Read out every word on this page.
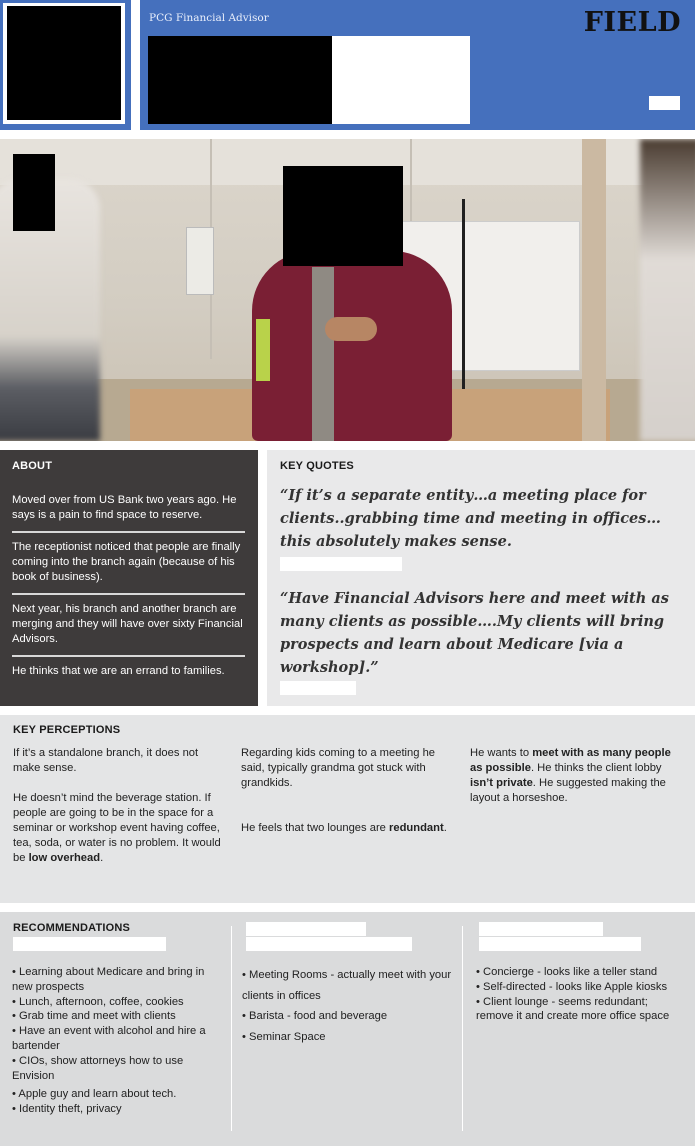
PCG Financial Advisor	FIELD
ABOUT
Moved over from US Bank two years ago. He says is a pain to find space to reserve.
The receptionist noticed that people are finally coming into the branch again (because of his book of business).
Next year, his branch and another branch are merging and they will have over sixty Financial Advisors.
He thinks that we are an errand to families.
KEY QUOTES
“If it’s a separate entity…a meeting place for clients..grabbing time and meeting in offices… this absolutely makes sense.
“Have Financial Advisors here and meet with as many clients as possible….My clients will bring prospects and learn about Medicare [via a workshop].”
KEY PERCEPTIONS

If it’s a standalone branch, it does not make sense.

He doesn’t mind the beverage station. If people are going to be in the space for a seminar or workshop event having coffee, tea, soda, or water is no problem. It would be low overhead.

Regarding kids coming to a meeting he said, typically grandma got stuck with grandkids.

He feels that two lounges are redundant.

He wants to meet with as many people as possible. He thinks the client lobby isn’t private. He suggested making the layout a horseshoe.

RECOMMENDATIONS
• Learning about Medicare and bring in new prospects
• Lunch, afternoon, coffee, cookies
• Grab time and meet with clients
• Have an event with alcohol and hire a bartender
• CIOs, show attorneys how to use Envision
• Apple guy and learn about tech.
• Identity theft, privacy
• Meeting Rooms - actually meet with your clients in offices
• Barista - food and beverage
• Seminar Space
• Concierge - looks like a teller stand
• Self-directed - looks like Apple kiosks
• Client lounge - seems redundant; remove it and create more office space
